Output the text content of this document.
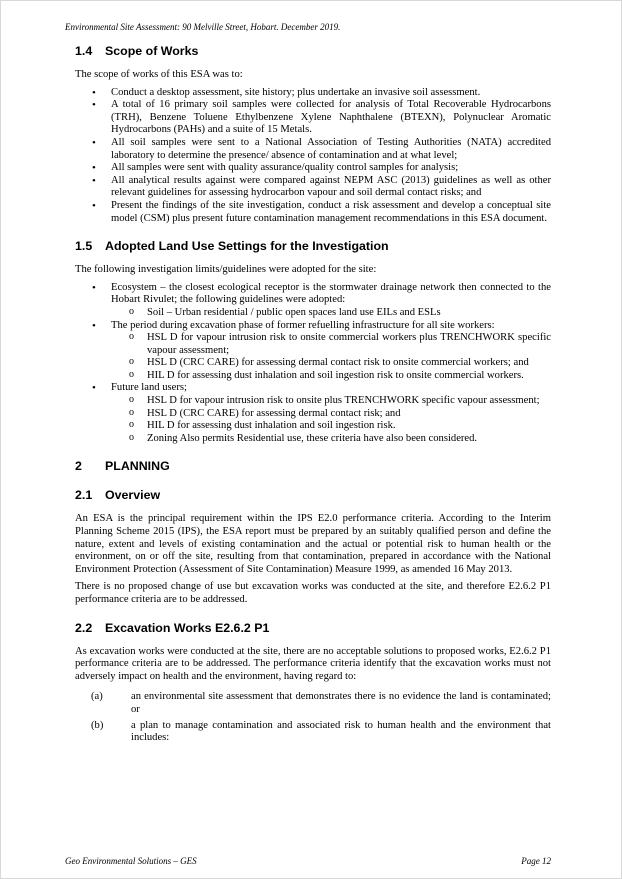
Environmental Site Assessment: 90 Melville Street, Hobart. December 2019.
1.4 Scope of Works

The scope of works of this ESA was to:

• Conduct a desktop assessment, site history; plus undertake an invasive soil assessment.
• A total of 16 primary soil samples were collected for analysis of Total Recoverable Hydrocarbons (TRH), Benzene Toluene Ethylbenzene Xylene Naphthalene (BTEXN), Polynuclear Aromatic Hydrocarbons (PAHs) and a suite of 15 Metals.
• All soil samples were sent to a National Association of Testing Authorities (NATA) accredited laboratory to determine the presence/ absence of contamination and at what level;
• All samples were sent with quality assurance/quality control samples for analysis;
• All analytical results against were compared against NEPM ASC (2013) guidelines as well as other relevant guidelines for assessing hydrocarbon vapour and soil dermal contact risks; and
• Present the findings of the site investigation, conduct a risk assessment and develop a conceptual site model (CSM) plus present future contamination management recommendations in this ESA document.
1.5 Adopted Land Use Settings for the Investigation

The following investigation limits/guidelines were adopted for the site:

• Ecosystem – the closest ecological receptor is the stormwater drainage network then connected to the Hobart Rivulet; the following guidelines were adopted:
o Soil – Urban residential / public open spaces land use EILs and ESLs
• The period during excavation phase of former refuelling infrastructure for all site workers:
o HSL D for vapour intrusion risk to onsite commercial workers plus TRENCHWORK specific vapour assessment;
o HSL D (CRC CARE) for assessing dermal contact risk to onsite commercial workers; and
o HIL D for assessing dust inhalation and soil ingestion risk to onsite commercial workers.
• Future land users;
o HSL D for vapour intrusion risk to onsite plus TRENCHWORK specific vapour assessment;
o HSL D (CRC CARE) for assessing dermal contact risk; and
o HIL D for assessing dust inhalation and soil ingestion risk.
o Zoning Also permits Residential use, these criteria have also been considered.
2 PLANNING
2.1 Overview

An ESA is the principal requirement within the IPS E2.0 performance criteria. According to the Interim Planning Scheme 2015 (IPS), the ESA report must be prepared by an suitably qualified person and define the nature, extent and levels of existing contamination and the actual or potential risk to human health or the environment, on or off the site, resulting from that contamination, prepared in accordance with the National Environment Protection (Assessment of Site Contamination) Measure 1999, as amended 16 May 2013.

There is no proposed change of use but excavation works was conducted at the site, and therefore E2.6.2 P1 performance criteria are to be addressed.

2.2 Excavation Works E2.6.2 P1

As excavation works were conducted at the site, there are no acceptable solutions to proposed works, E2.6.2 P1 performance criteria are to be addressed. The performance criteria identify that the excavation works must not adversely impact on health and the environment, having regard to:

(a)	an environmental site assessment that demonstrates there is no evidence the land is contaminated; or
(b)	a plan to manage contamination and associated risk to human health and the environment that includes:
Geo Environmental Solutions – GES	Page 12
